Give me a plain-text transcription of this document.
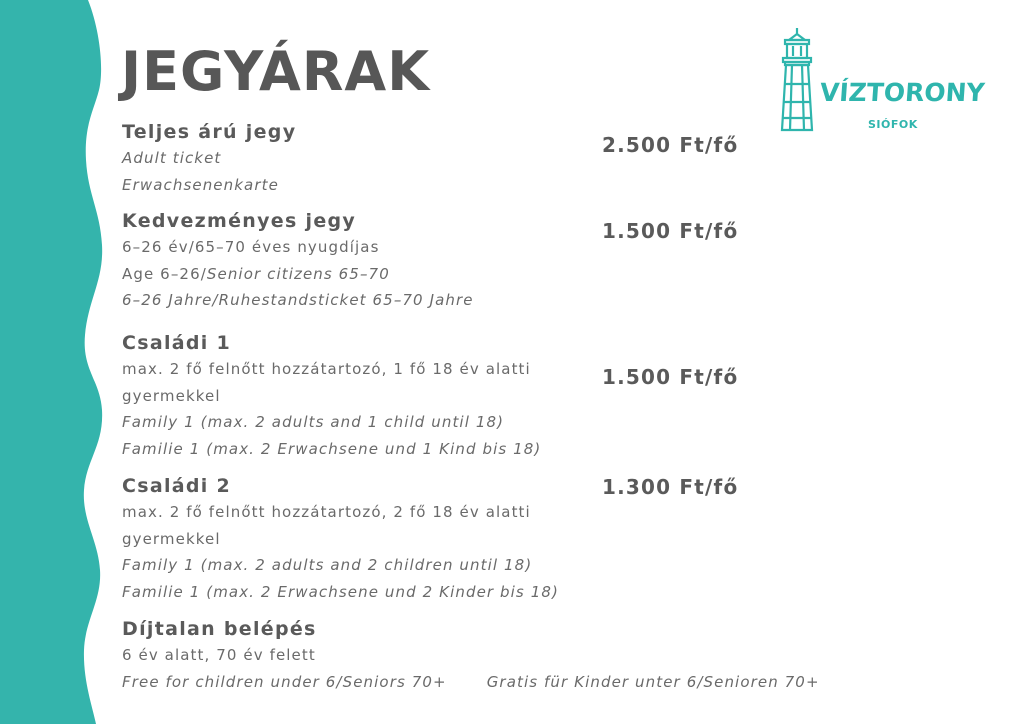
JEGYÁRAK	VÍZTORONY
SIÓFOK
Teljes árú jegy
Adult ticket
Erwachsenenkarte
2.500 Ft/fő
Kedvezményes jegy
6–26 év/65–70 éves nyugdíjas
Age 6–26/Senior citizens 65–70
6–26 Jahre/Ruhestandsticket 65–70 Jahre
1.500 Ft/fő
Családi 1
max. 2 fő felnőtt hozzátartozó, 1 fő 18 év alatti
gyermekkel
Family 1 (max. 2 adults and 1 child until 18)
Familie 1 (max. 2 Erwachsene und 1 Kind bis 18)
1.500 Ft/fő
Családi 2
max. 2 fő felnőtt hozzátartozó, 2 fő 18 év alatti
gyermekkel
Family 1 (max. 2 adults and 2 children until 18)
Familie 1 (max. 2 Erwachsene und 2 Kinder bis 18)
1.300 Ft/fő
Díjtalan belépés
6 év alatt, 70 év felett
Free for children under 6/Seniors 70+	Gratis für Kinder unter 6/Senioren 70+
